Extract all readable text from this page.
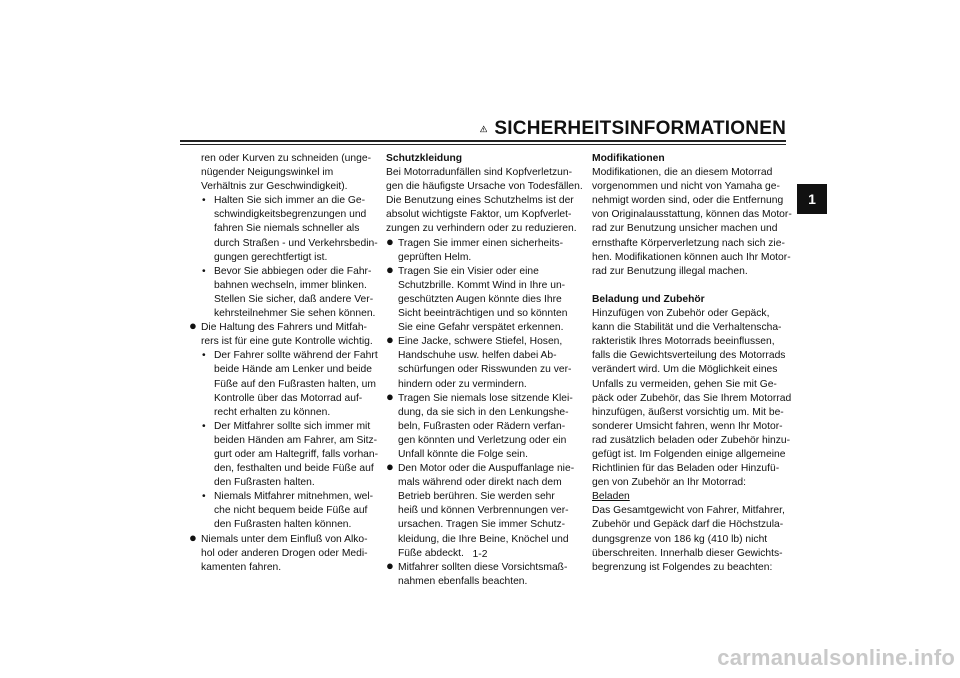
SICHERHEITSINFORMATIONEN
1
ren oder Kurven zu schneiden (unge-
nügender Neigungswinkel im
Verhältnis zur Geschwindigkeit).
• Halten Sie sich immer an die Ge-
schwindigkeitsbegrenzungen und
fahren Sie niemals schneller als
durch Straßen - und Verkehrsbedin-
gungen gerechtfertigt ist.
• Bevor Sie abbiegen oder die Fahr-
bahnen wechseln, immer blinken.
Stellen Sie sicher, daß andere Ver-
kehrsteilnehmer Sie sehen können.
● Die Haltung des Fahrers und Mitfah-
rers ist für eine gute Kontrolle wichtig.
• Der Fahrer sollte während der Fahrt
beide Hände am Lenker und beide
Füße auf den Fußrasten halten, um
Kontrolle über das Motorrad auf-
recht erhalten zu können.
• Der Mitfahrer sollte sich immer mit
beiden Händen am Fahrer, am Sitz-
gurt oder am Haltegriff, falls vorhan-
den, festhalten und beide Füße auf
den Fußrasten halten.
• Niemals Mitfahrer mitnehmen, wel-
che nicht bequem beide Füße auf
den Fußrasten halten können.
● Niemals unter dem Einfluß von Alko-
hol oder anderen Drogen oder Medi-
kamenten fahren.
Schutzkleidung
Bei Motorradunfällen sind Kopfverletzun-
gen die häufigste Ursache von Todesfällen.
Die Benutzung eines Schutzhelms ist der
absolut wichtigste Faktor, um Kopfverlet-
zungen zu verhindern oder zu reduzieren.
● Tragen Sie immer einen sicherheits-
geprüften Helm.
● Tragen Sie ein Visier oder eine
Schutzbrille. Kommt Wind in Ihre un-
geschützten Augen könnte dies Ihre
Sicht beeinträchtigen und so könnten
Sie eine Gefahr verspätet erkennen.
● Eine Jacke, schwere Stiefel, Hosen,
Handschuhe usw. helfen dabei Ab-
schürfungen oder Risswunden zu ver-
hindern oder zu vermindern.
● Tragen Sie niemals lose sitzende Klei-
dung, da sie sich in den Lenkungshe-
beln, Fußrasten oder Rädern verfan-
gen könnten und Verletzung oder ein
Unfall könnte die Folge sein.
● Den Motor oder die Auspuffanlage nie-
mals während oder direkt nach dem
Betrieb berühren. Sie werden sehr
heiß und können Verbrennungen ver-
ursachen. Tragen Sie immer Schutz-
kleidung, die Ihre Beine, Knöchel und
Füße abdeckt.
● Mitfahrer sollten diese Vorsichtsmaß-
nahmen ebenfalls beachten.
Modifikationen
Modifikationen, die an diesem Motorrad
vorgenommen und nicht von Yamaha ge-
nehmigt worden sind, oder die Entfernung
von Originalausstattung, können das Motor-
rad zur Benutzung unsicher machen und
ernsthafte Körperverletzung nach sich zie-
hen. Modifikationen können auch Ihr Motor-
rad zur Benutzung illegal machen.
Beladung und Zubehör
Hinzufügen von Zubehör oder Gepäck,
kann die Stabilität und die Verhaltenscha-
rakteristik Ihres Motorrads beeinflussen,
falls die Gewichtsverteilung des Motorrads
verändert wird. Um die Möglichkeit eines
Unfalls zu vermeiden, gehen Sie mit Ge-
päck oder Zubehör, das Sie Ihrem Motorrad
hinzufügen, äußerst vorsichtig um. Mit be-
sonderer Umsicht fahren, wenn Ihr Motor-
rad zusätzlich beladen oder Zubehör hinzu-
gefügt ist. Im Folgenden einige allgemeine
Richtlinien für das Beladen oder Hinzufü-
gen von Zubehör an Ihr Motorrad:
Beladen
Das Gesamtgewicht von Fahrer, Mitfahrer,
Zubehör und Gepäck darf die Höchstzula-
dungsgrenze von 186 kg (410 lb) nicht
überschreiten. Innerhalb dieser Gewichts-
begrenzung ist Folgendes zu beachten:
1-2
carmanualsonline.info
